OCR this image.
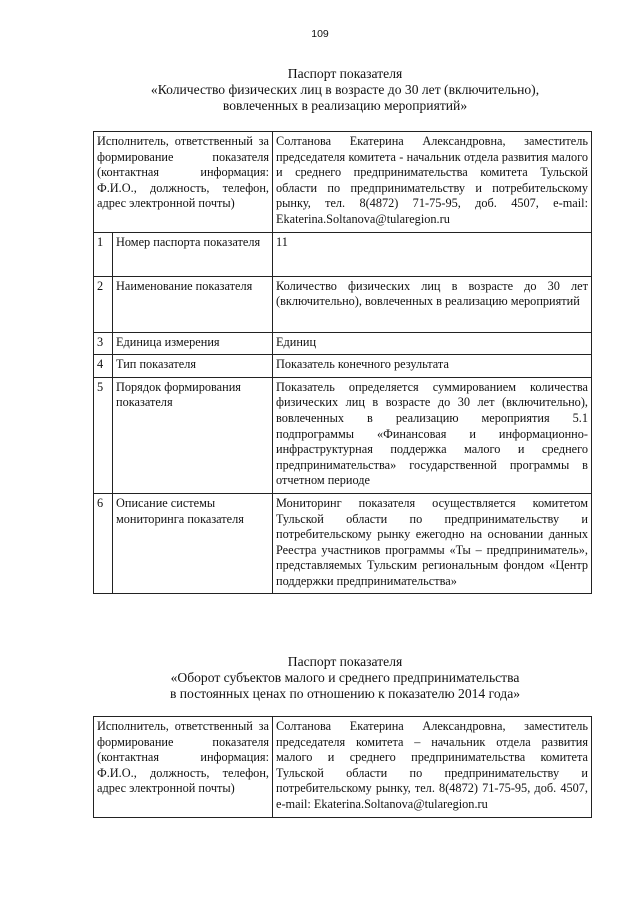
109
Паспорт показателя
«Количество физических лиц в возрасте до 30 лет (включительно),
вовлеченных в реализацию мероприятий»
Исполнитель, ответственный за формирование показателя (контактная информация: Ф.И.О., должность, телефон, адрес электронной почты)		Солтанова Екатерина Александровна, заместитель председателя комитета - начальник отдела развития малого и среднего предпринимательства комитета Тульской области по предпринимательству и потребительскому рынку, тел. 8(4872) 71-75-95, доб. 4507, e-mail: Ekaterina.Soltanova@tularegion.ru
1	Номер паспорта показателя	11
2	Наименование показателя	Количество физических лиц в возрасте до 30 лет (включительно), вовлеченных в реализацию мероприятий
3	Единица измерения	Единиц
4	Тип показателя	Показатель конечного результата
5	Порядок формирования показателя	Показатель определяется суммированием количества физических лиц в возрасте до 30 лет (включительно), вовлеченных в реализацию мероприятия 5.1 подпрограммы «Финансовая и информационно-инфраструктурная поддержка малого и среднего предпринимательства» государственной программы в отчетном периоде
6	Описание системы мониторинга показателя	Мониторинг показателя осуществляется комитетом Тульской области по предпринимательству и потребительскому рынку ежегодно на основании данных Реестра участников программы «Ты – предприниматель», представляемых Тульским региональным фондом «Центр поддержки предпринимательства»
Паспорт показателя
«Оборот субъектов малого и среднего предпринимательства
в постоянных ценах по отношению к показателю 2014 года»
Исполнитель, ответственный за формирование показателя (контактная информация: Ф.И.О., должность, телефон, адрес электронной почты)	Солтанова Екатерина Александровна, заместитель председателя комитета – начальник отдела развития малого и среднего предпринимательства комитета Тульской области по предпринимательству и потребительскому рынку, тел. 8(4872) 71-75-95, доб. 4507, e-mail: Ekaterina.Soltanova@tularegion.ru
